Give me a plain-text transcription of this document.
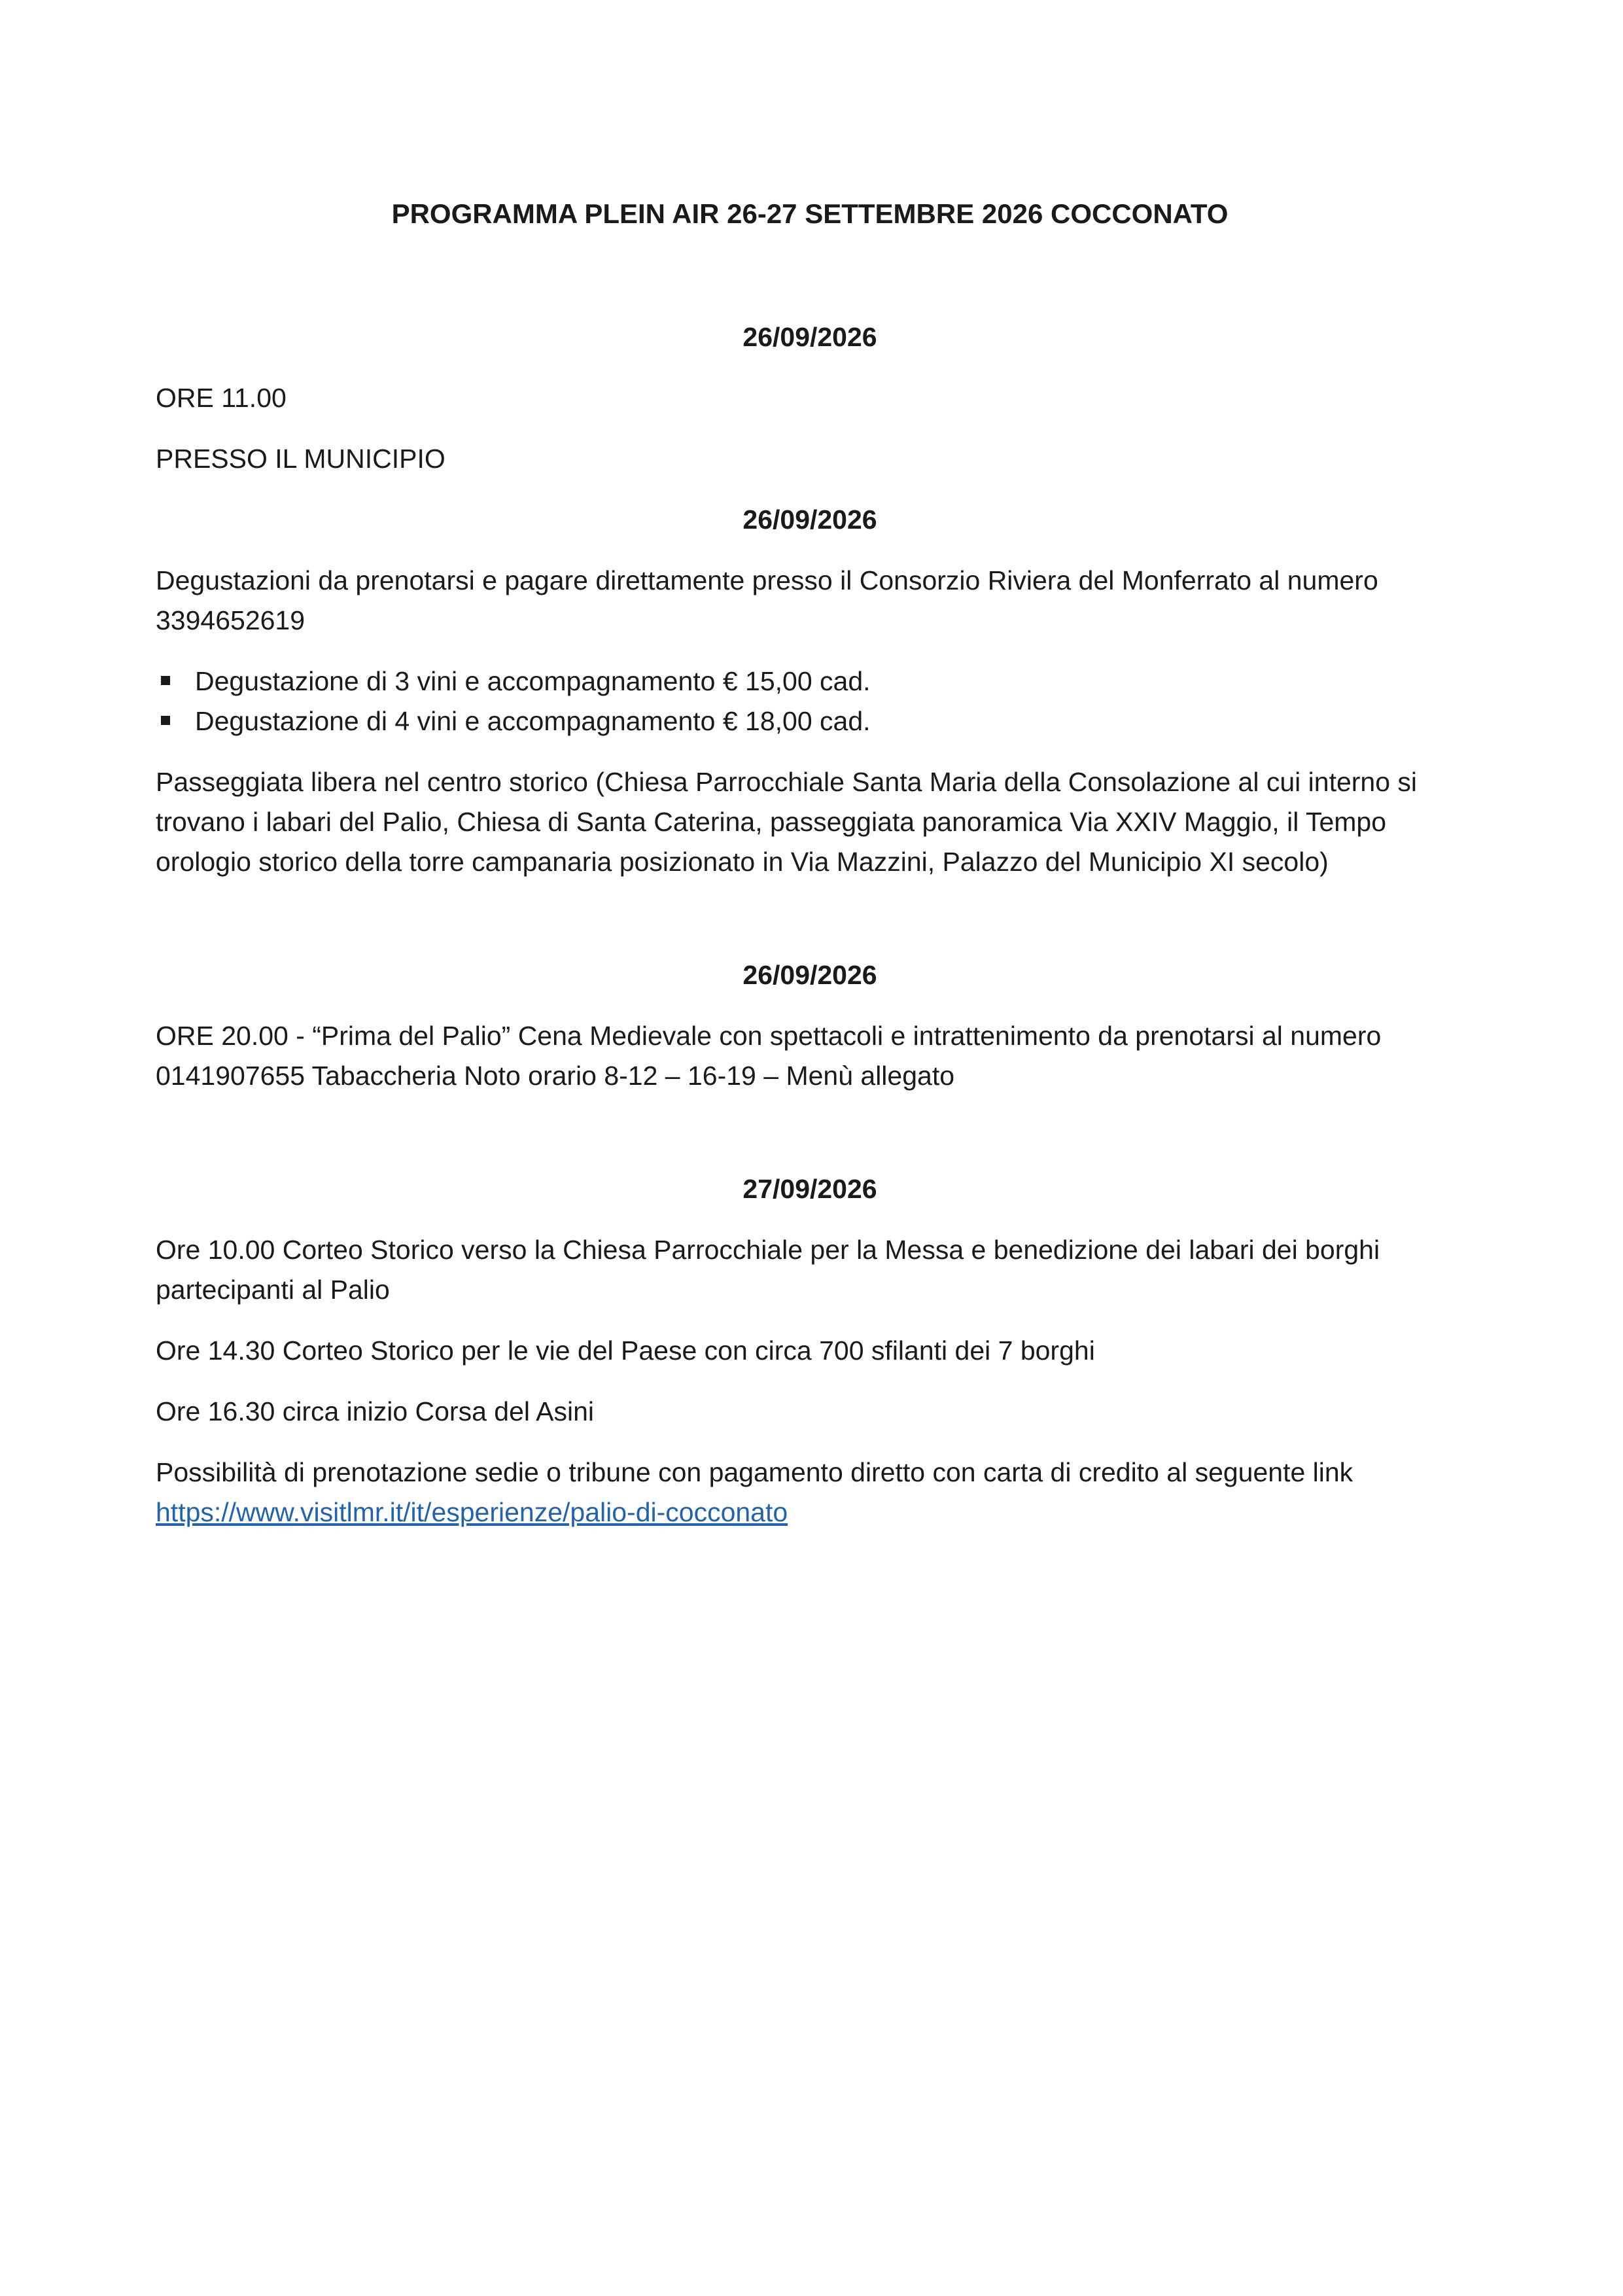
PROGRAMMA PLEIN AIR 26-27 SETTEMBRE 2026 COCCONATO
26/09/2026
ORE 11.00
PRESSO IL MUNICIPIO
26/09/2026
Degustazioni da prenotarsi e pagare direttamente presso il Consorzio Riviera del Monferrato al numero 3394652619
Degustazione di 3 vini e accompagnamento € 15,00 cad.
Degustazione di 4 vini e accompagnamento € 18,00 cad.
Passeggiata libera nel centro storico (Chiesa Parrocchiale Santa Maria della Consolazione al cui interno si trovano i labari del Palio, Chiesa di Santa Caterina, passeggiata panoramica Via XXIV Maggio, il Tempo orologio storico della torre campanaria posizionato in Via Mazzini, Palazzo del Municipio XI secolo)
26/09/2026
ORE 20.00 - “Prima del Palio” Cena Medievale con spettacoli e intrattenimento da prenotarsi al numero 0141907655 Tabaccheria Noto orario 8-12 – 16-19 – Menù allegato
27/09/2026
Ore 10.00 Corteo Storico verso la Chiesa Parrocchiale per la Messa e benedizione dei labari dei borghi partecipanti al Palio
Ore 14.30 Corteo Storico per le vie del Paese con circa 700 sfilanti dei 7 borghi
Ore 16.30 circa inizio Corsa del Asini
Possibilità di prenotazione sedie o tribune con pagamento diretto con carta di credito al seguente link
https://www.visitlmr.it/it/esperienze/palio-di-cocconato
